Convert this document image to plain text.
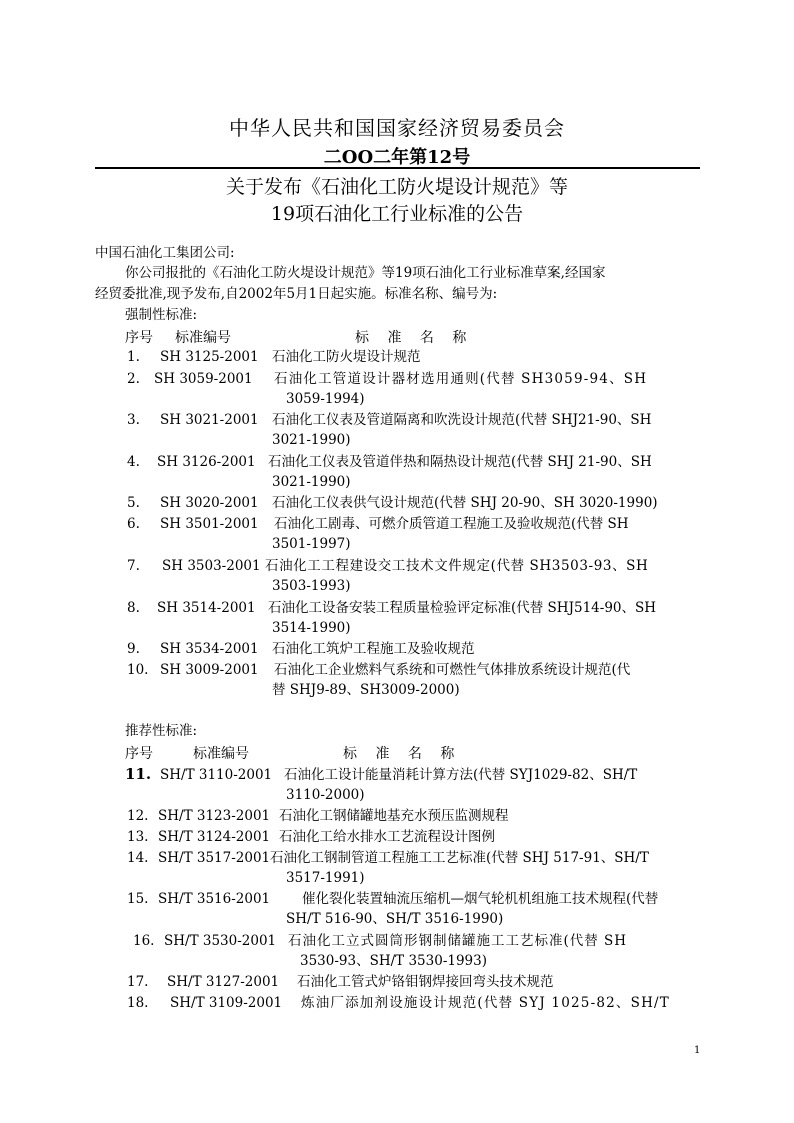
中华人民共和国国家经济贸易委员会
二OO二年第12号
关于发布《石油化工防火堤设计规范》等
19项石油化工行业标准的公告
中国石油化工集团公司:
你公司报批的《石油化工防火堤设计规范》等19项石油化工行业标准草案,经国家
经贸委批准,现予发布,自2002年5月1日起实施。标准名称、编号为:
强制性标准:
序号 标准编号	标 准 名 称
1. SH 3125-2001 石油化工防火堤设计规范
2. SH 3059-2001 石油化工管道设计器材选用通则(代替 SH3059-94、SH
3059-1994)
3. SH 3021-2001 石油化工仪表及管道隔离和吹洗设计规范(代替 SHJ21-90、SH
3021-1990)
4. SH 3126-2001 石油化工仪表及管道伴热和隔热设计规范(代替 SHJ 21-90、SH
3021-1990)
5. SH 3020-2001 石油化工仪表供气设计规范(代替 SHJ 20-90、SH 3020-1990)
6. SH 3501-2001 石油化工剧毒、可燃介质管道工程施工及验收规范(代替 SH
3501-1997)
7. SH 3503-2001 石油化工工程建设交工技术文件规定(代替 SH3503-93、SH
3503-1993)
8. SH 3514-2001 石油化工设备安装工程质量检验评定标准(代替 SHJ514-90、SH
3514-1990)
9. SH 3534-2001 石油化工筑炉工程施工及验收规范
10. SH 3009-2001 石油化工企业燃料气系统和可燃性气体排放系统设计规范(代
替 SHJ9-89、SH3009-2000)
推荐性标准:
序号	标准编号	标 准 名 称
11. SH/T 3110-2001 石油化工设计能量消耗计算方法(代替 SYJ1029-82、SH/T
3110-2000)
12. SH/T 3123-2001 石油化工钢储罐地基充水预压监测规程
13. SH/T 3124-2001 石油化工给水排水工艺流程设计图例
14. SH/T 3517-2001 石油化工钢制管道工程施工工艺标准(代替 SHJ 517-91、SH/T
3517-1991)
15. SH/T 3516-2001 催化裂化装置轴流压缩机—烟气轮机机组施工技术规程(代替
SH/T 516-90、SH/T 3516-1990)
16. SH/T 3530-2001 石油化工立式圆筒形钢制储罐施工工艺标准(代替 SH
3530-93、SH/T 3530-1993)
17. SH/T 3127-2001 石油化工管式炉铬钼钢焊接回弯头技术规范
18. SH/T 3109-2001 炼油厂添加剂设施设计规范(代替 SYJ 1025-82、SH/T
1
